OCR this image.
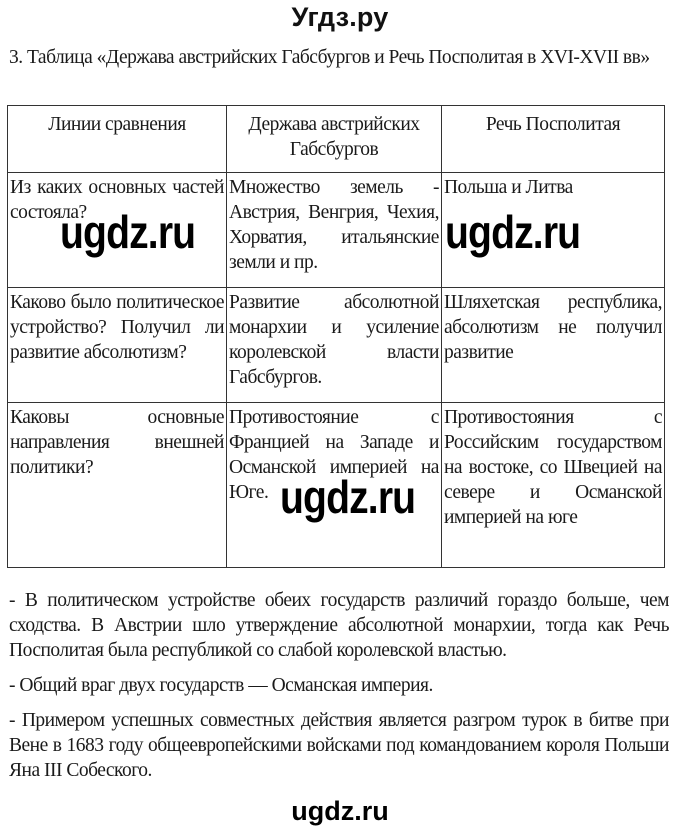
Угдз.ру
3. Таблица «Держава австрийских Габсбургов и Речь Посполитая в XVI-XVII вв»
Линии сравнения	Держава австрийских Габсбургов	Речь Посполитая
Из каких основных частей состояла?	Множество земель - Австрия, Венгрия, Чехия, Хорватия, итальянские земли и пр.	Польша и Литва
Каково было политическое устройство? Получил ли развитие абсолютизм?	Развитие абсолютной монархии и усиление королевской власти Габсбургов.	Шляхетская республика, абсолютизм не получил развитие
Каковы основные направления внешней политики?	Противостояние с Францией на Западе и Османской империей на Юге.	Противостояния с Российским государством на востоке, со Швецией на севере и Османской империей на юге

- В политическом устройстве обеих государств различий гораздо больше, чем сходства. В Австрии шло утверждение абсолютной монархии, тогда как Речь Посполитая была республикой со слабой королевской властью.

- Общий враг двух государств — Османская империя.

- Примером успешных совместных действия является разгром турок в битве при Вене в 1683 году общеевропейскими войсками под командованием короля Польши Яна III Собеского.

ugdz.ru	ugdz.ru
ugdz.ru
ugdz.ru
